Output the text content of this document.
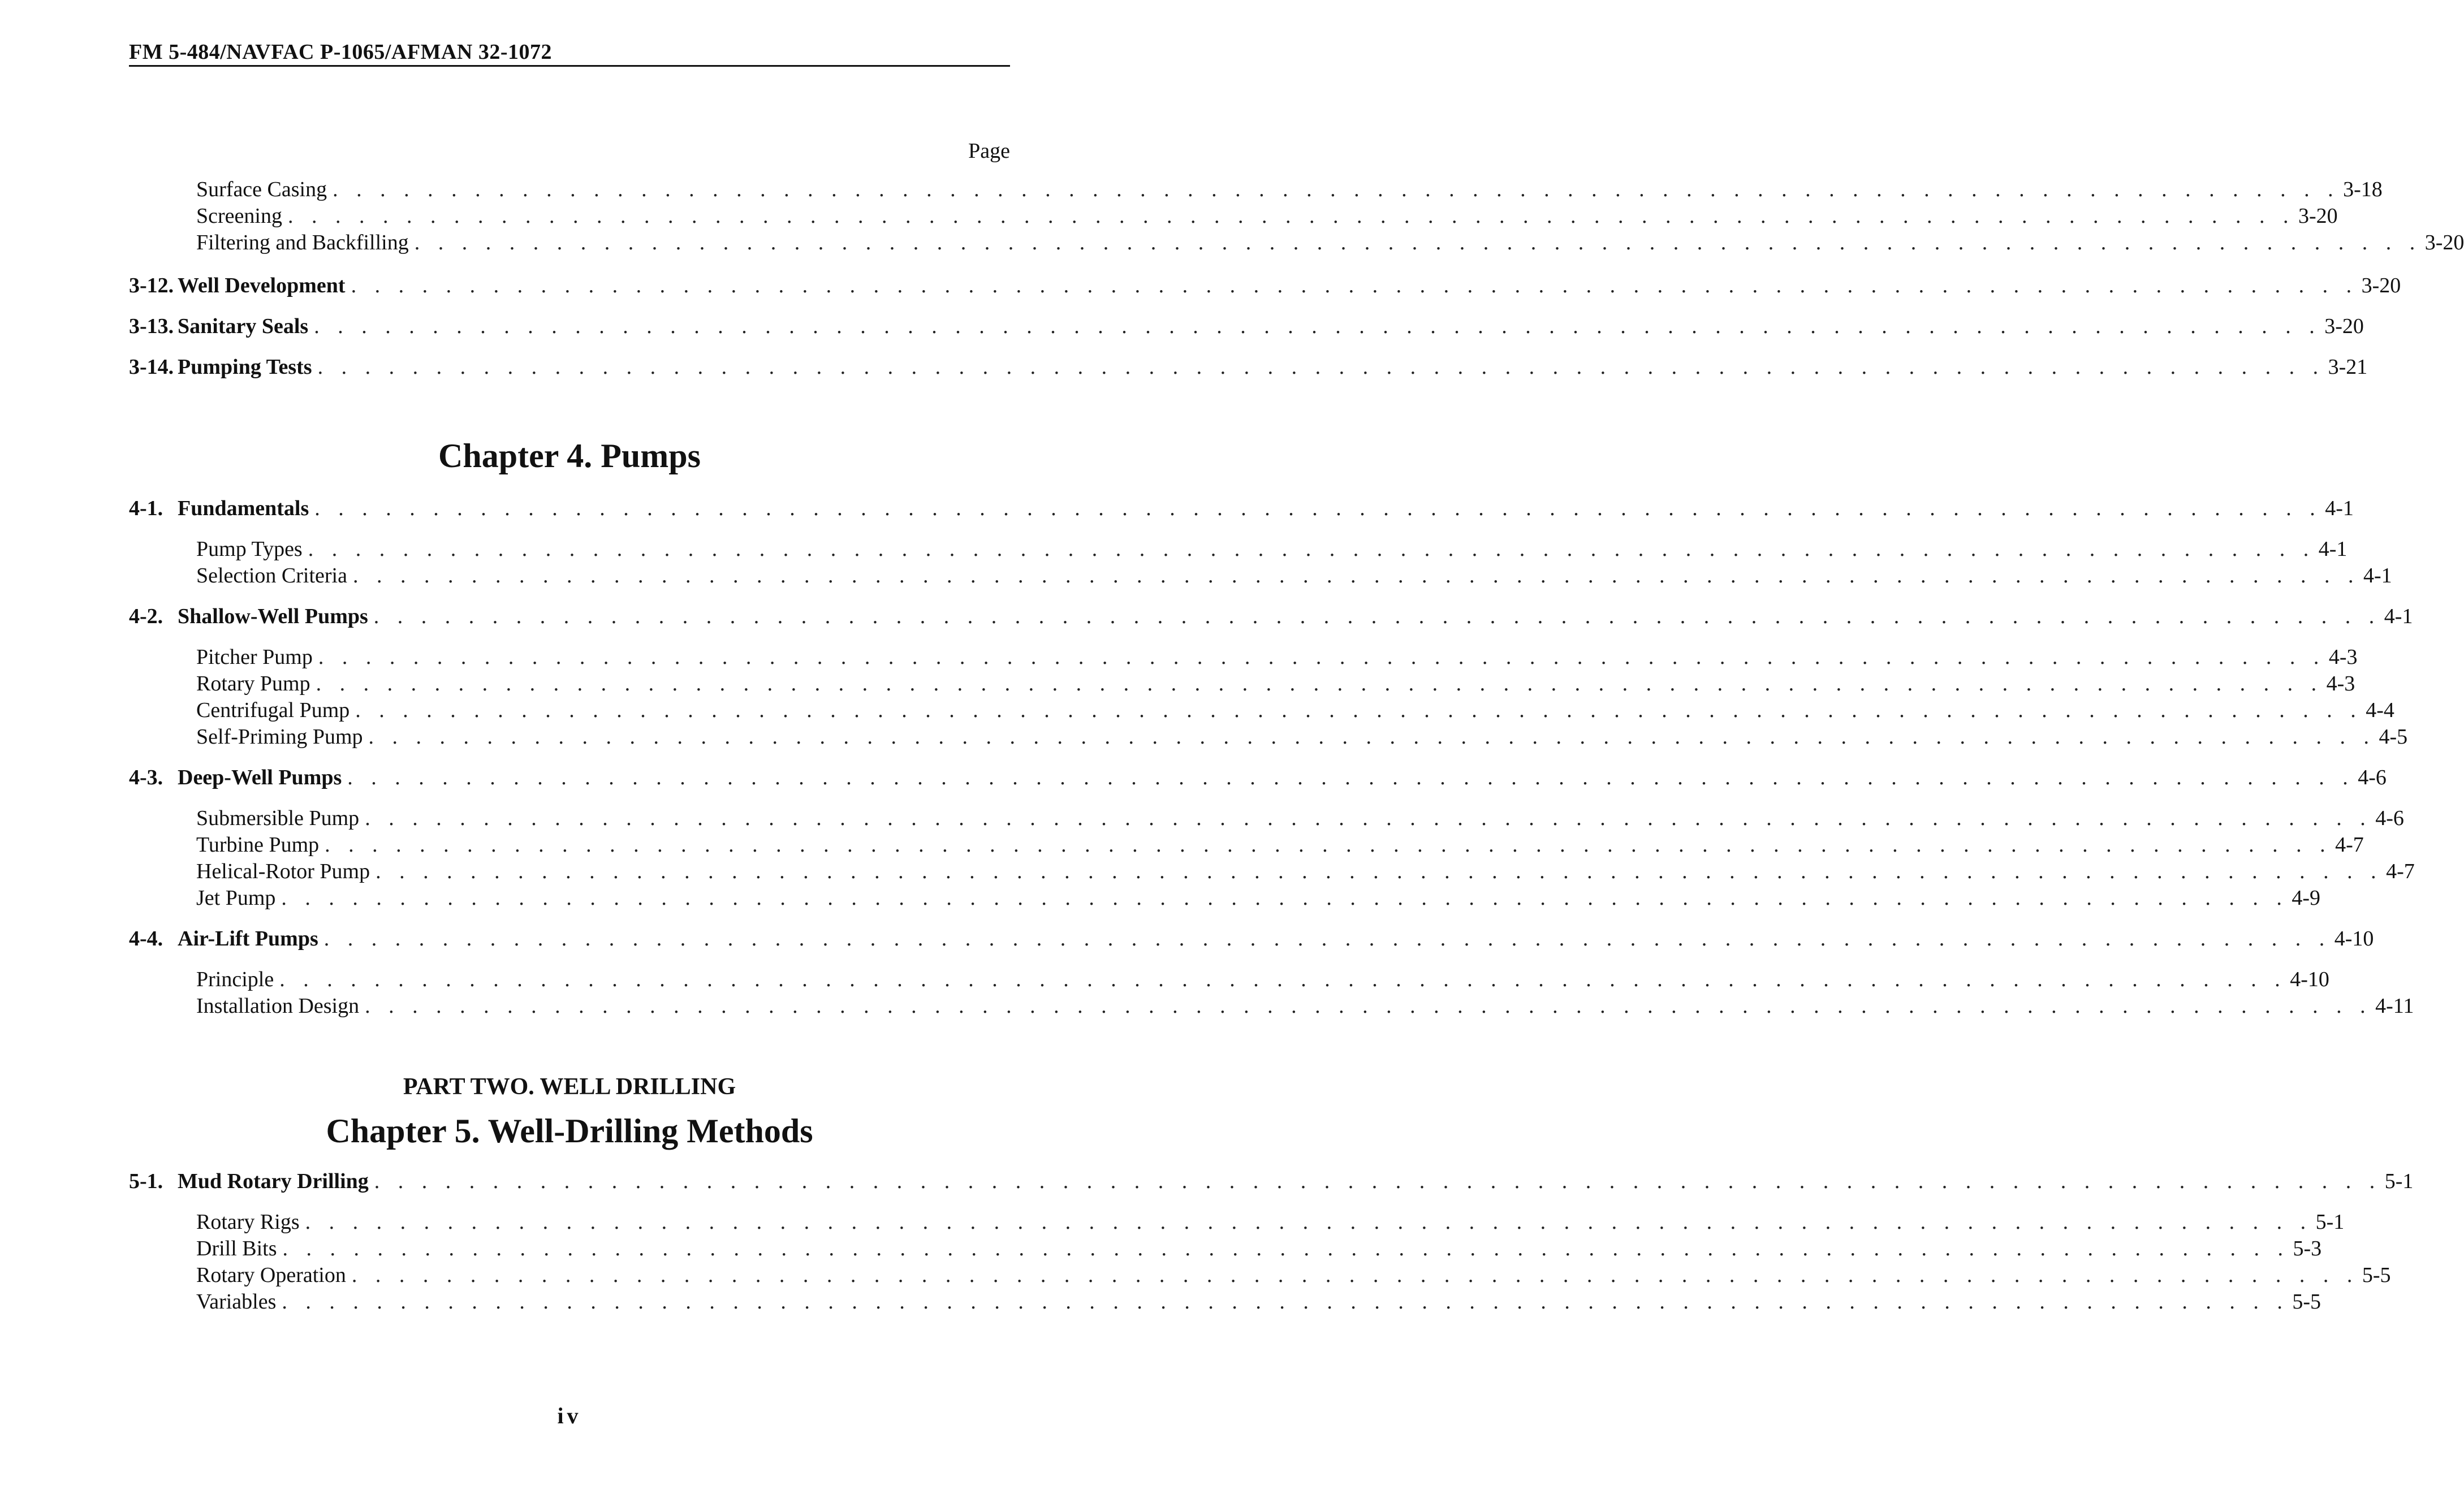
FM 5-484/NAVFAC P-1065/AFMAN 32-1072
Page
Surface Casing . . . . . . . . . . . . . . . . . . . . . . . . . . . . . . . . . . . . . . . . . . . . . . . . . . . . . . . . . . . . . . . . . . . . . . . . . . . . . . . . . . . . . 3-18
Screening . . . . . . . . . . . . . . . . . . . . . . . . . . . . . . . . . . . . . . . . . . . . . . . . . . . . . . . . . . . . . . . . . . . . . . . . . . . . . . . . . . . . . 3-20
Filtering and Backfilling . . . . . . . . . . . . . . . . . . . . . . . . . . . . . . . . . . . . . . . . . . . . . . . . . . . . . . . . . . . . . . . . . . . . . . . . . . . . . . . . . . . . . 3-20
3-12. Well Development . . . . . . . . . . . . . . . . . . . . . . . . . . . . . . . . . . . . . . . . . . . . . . . . . . . . . . . . . . . . . . . . . . . . . . . . . . . . . . . . . . . . . 3-20
3-13. Sanitary Seals . . . . . . . . . . . . . . . . . . . . . . . . . . . . . . . . . . . . . . . . . . . . . . . . . . . . . . . . . . . . . . . . . . . . . . . . . . . . . . . . . . . . . 3-20
3-14. Pumping Tests . . . . . . . . . . . . . . . . . . . . . . . . . . . . . . . . . . . . . . . . . . . . . . . . . . . . . . . . . . . . . . . . . . . . . . . . . . . . . . . . . . . . . 3-21
Chapter 4. Pumps
4-1. Fundamentals . . . . . . . . . . . . . . . . . . . . . . . . . . . . . . . . . . . . . . . . . . . . . . . . . . . . . . . . . . . . . . . . . . . . . . . . . . . . . . . . . . . . . 4-1
Pump Types . . . . . . . . . . . . . . . . . . . . . . . . . . . . . . . . . . . . . . . . . . . . . . . . . . . . . . . . . . . . . . . . . . . . . . . . . . . . . . . . . . . . . 4-1
Selection Criteria . . . . . . . . . . . . . . . . . . . . . . . . . . . . . . . . . . . . . . . . . . . . . . . . . . . . . . . . . . . . . . . . . . . . . . . . . . . . . . . . . . . . . 4-1
4-2. Shallow-Well Pumps . . . . . . . . . . . . . . . . . . . . . . . . . . . . . . . . . . . . . . . . . . . . . . . . . . . . . . . . . . . . . . . . . . . . . . . . . . . . . . . . . . . . . 4-1
Pitcher Pump . . . . . . . . . . . . . . . . . . . . . . . . . . . . . . . . . . . . . . . . . . . . . . . . . . . . . . . . . . . . . . . . . . . . . . . . . . . . . . . . . . . . . 4-3
Rotary Pump . . . . . . . . . . . . . . . . . . . . . . . . . . . . . . . . . . . . . . . . . . . . . . . . . . . . . . . . . . . . . . . . . . . . . . . . . . . . . . . . . . . . . 4-3
Centrifugal Pump . . . . . . . . . . . . . . . . . . . . . . . . . . . . . . . . . . . . . . . . . . . . . . . . . . . . . . . . . . . . . . . . . . . . . . . . . . . . . . . . . . . . . 4-4
Self-Priming Pump . . . . . . . . . . . . . . . . . . . . . . . . . . . . . . . . . . . . . . . . . . . . . . . . . . . . . . . . . . . . . . . . . . . . . . . . . . . . . . . . . . . . . 4-5
4-3. Deep-Well Pumps . . . . . . . . . . . . . . . . . . . . . . . . . . . . . . . . . . . . . . . . . . . . . . . . . . . . . . . . . . . . . . . . . . . . . . . . . . . . . . . . . . . . . 4-6
Submersible Pump . . . . . . . . . . . . . . . . . . . . . . . . . . . . . . . . . . . . . . . . . . . . . . . . . . . . . . . . . . . . . . . . . . . . . . . . . . . . . . . . . . . . . 4-6
Turbine Pump . . . . . . . . . . . . . . . . . . . . . . . . . . . . . . . . . . . . . . . . . . . . . . . . . . . . . . . . . . . . . . . . . . . . . . . . . . . . . . . . . . . . . 4-7
Helical-Rotor Pump . . . . . . . . . . . . . . . . . . . . . . . . . . . . . . . . . . . . . . . . . . . . . . . . . . . . . . . . . . . . . . . . . . . . . . . . . . . . . . . . . . . . . 4-7
Jet Pump . . . . . . . . . . . . . . . . . . . . . . . . . . . . . . . . . . . . . . . . . . . . . . . . . . . . . . . . . . . . . . . . . . . . . . . . . . . . . . . . . . . . . 4-9
4-4. Air-Lift Pumps . . . . . . . . . . . . . . . . . . . . . . . . . . . . . . . . . . . . . . . . . . . . . . . . . . . . . . . . . . . . . . . . . . . . . . . . . . . . . . . . . . . . . 4-10
Principle . . . . . . . . . . . . . . . . . . . . . . . . . . . . . . . . . . . . . . . . . . . . . . . . . . . . . . . . . . . . . . . . . . . . . . . . . . . . . . . . . . . . . 4-10
Installation Design . . . . . . . . . . . . . . . . . . . . . . . . . . . . . . . . . . . . . . . . . . . . . . . . . . . . . . . . . . . . . . . . . . . . . . . . . . . . . . . . . . . . . 4-11
PART TWO. WELL DRILLING
Chapter 5. Well-Drilling Methods
5-1. Mud Rotary Drilling . . . . . . . . . . . . . . . . . . . . . . . . . . . . . . . . . . . . . . . . . . . . . . . . . . . . . . . . . . . . . . . . . . . . . . . . . . . . . . . . . . . . . 5-1
Rotary Rigs . . . . . . . . . . . . . . . . . . . . . . . . . . . . . . . . . . . . . . . . . . . . . . . . . . . . . . . . . . . . . . . . . . . . . . . . . . . . . . . . . . . . . 5-1
Drill Bits . . . . . . . . . . . . . . . . . . . . . . . . . . . . . . . . . . . . . . . . . . . . . . . . . . . . . . . . . . . . . . . . . . . . . . . . . . . . . . . . . . . . . 5-3
Rotary Operation . . . . . . . . . . . . . . . . . . . . . . . . . . . . . . . . . . . . . . . . . . . . . . . . . . . . . . . . . . . . . . . . . . . . . . . . . . . . . . . . . . . . . 5-5
Variables . . . . . . . . . . . . . . . . . . . . . . . . . . . . . . . . . . . . . . . . . . . . . . . . . . . . . . . . . . . . . . . . . . . . . . . . . . . . . . . . . . . . . 5-5
iv
